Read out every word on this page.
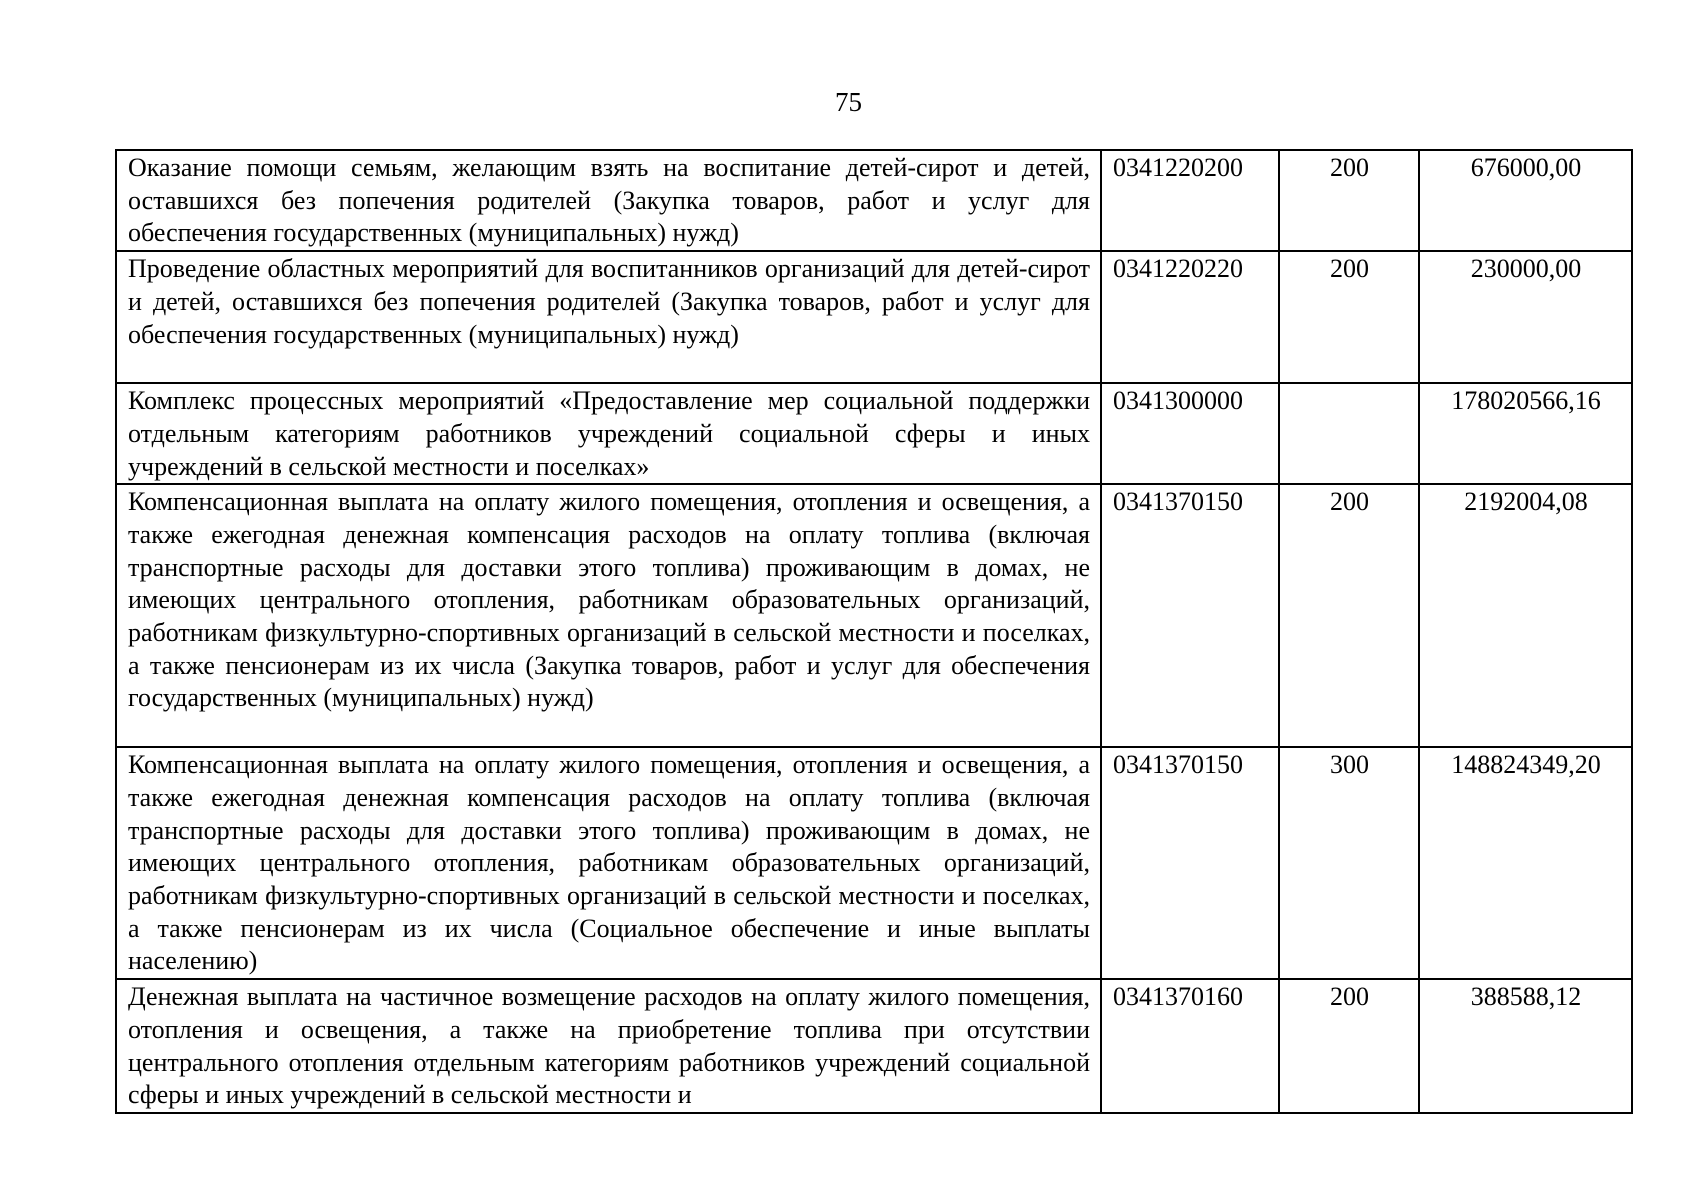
75
Оказание помощи семьям, желающим взять на воспитание детей-сирот и детей, оставшихся без попечения родителей (Закупка товаров, работ и услуг для обеспечения государственных (муниципальных) нужд)	0341220200	200	676000,00
Проведение областных мероприятий для воспитанников организаций для детей-сирот и детей, оставшихся без попечения родителей (Закупка товаров, работ и услуг для обеспечения государственных (муниципальных) нужд)	0341220220	200	230000,00
Комплекс процессных мероприятий «Предоставление мер социальной поддержки отдельным категориям работников учреждений социальной сферы и иных учреждений в сельской местности и поселках»	0341300000		178020566,16
Компенсационная выплата на оплату жилого помещения, отопления и освещения, а также ежегодная денежная компенсация расходов на оплату топлива (включая транспортные расходы для доставки этого топлива) проживающим в домах, не имеющих центрального отопления, работникам образовательных организаций, работникам физкультурно-спортивных организаций в сельской местности и поселках, а также пенсионерам из их числа (Закупка товаров, работ и услуг для обеспечения государственных (муниципальных) нужд)	0341370150	200	2192004,08
Компенсационная выплата на оплату жилого помещения, отопления и освещения, а также ежегодная денежная компенсация расходов на оплату топлива (включая транспортные расходы для доставки этого топлива) проживающим в домах, не имеющих центрального отопления, работникам образовательных организаций, работникам физкультурно-спортивных организаций в сельской местности и поселках, а также пенсионерам из их числа (Социальное обеспечение и иные выплаты населению)	0341370150	300	148824349,20
Денежная выплата на частичное возмещение расходов на оплату жилого помещения, отопления и освещения, а также на приобретение топлива при отсутствии центрального отопления отдельным категориям работников учреждений социальной сферы и иных учреждений в сельской местности и	0341370160	200	388588,12
